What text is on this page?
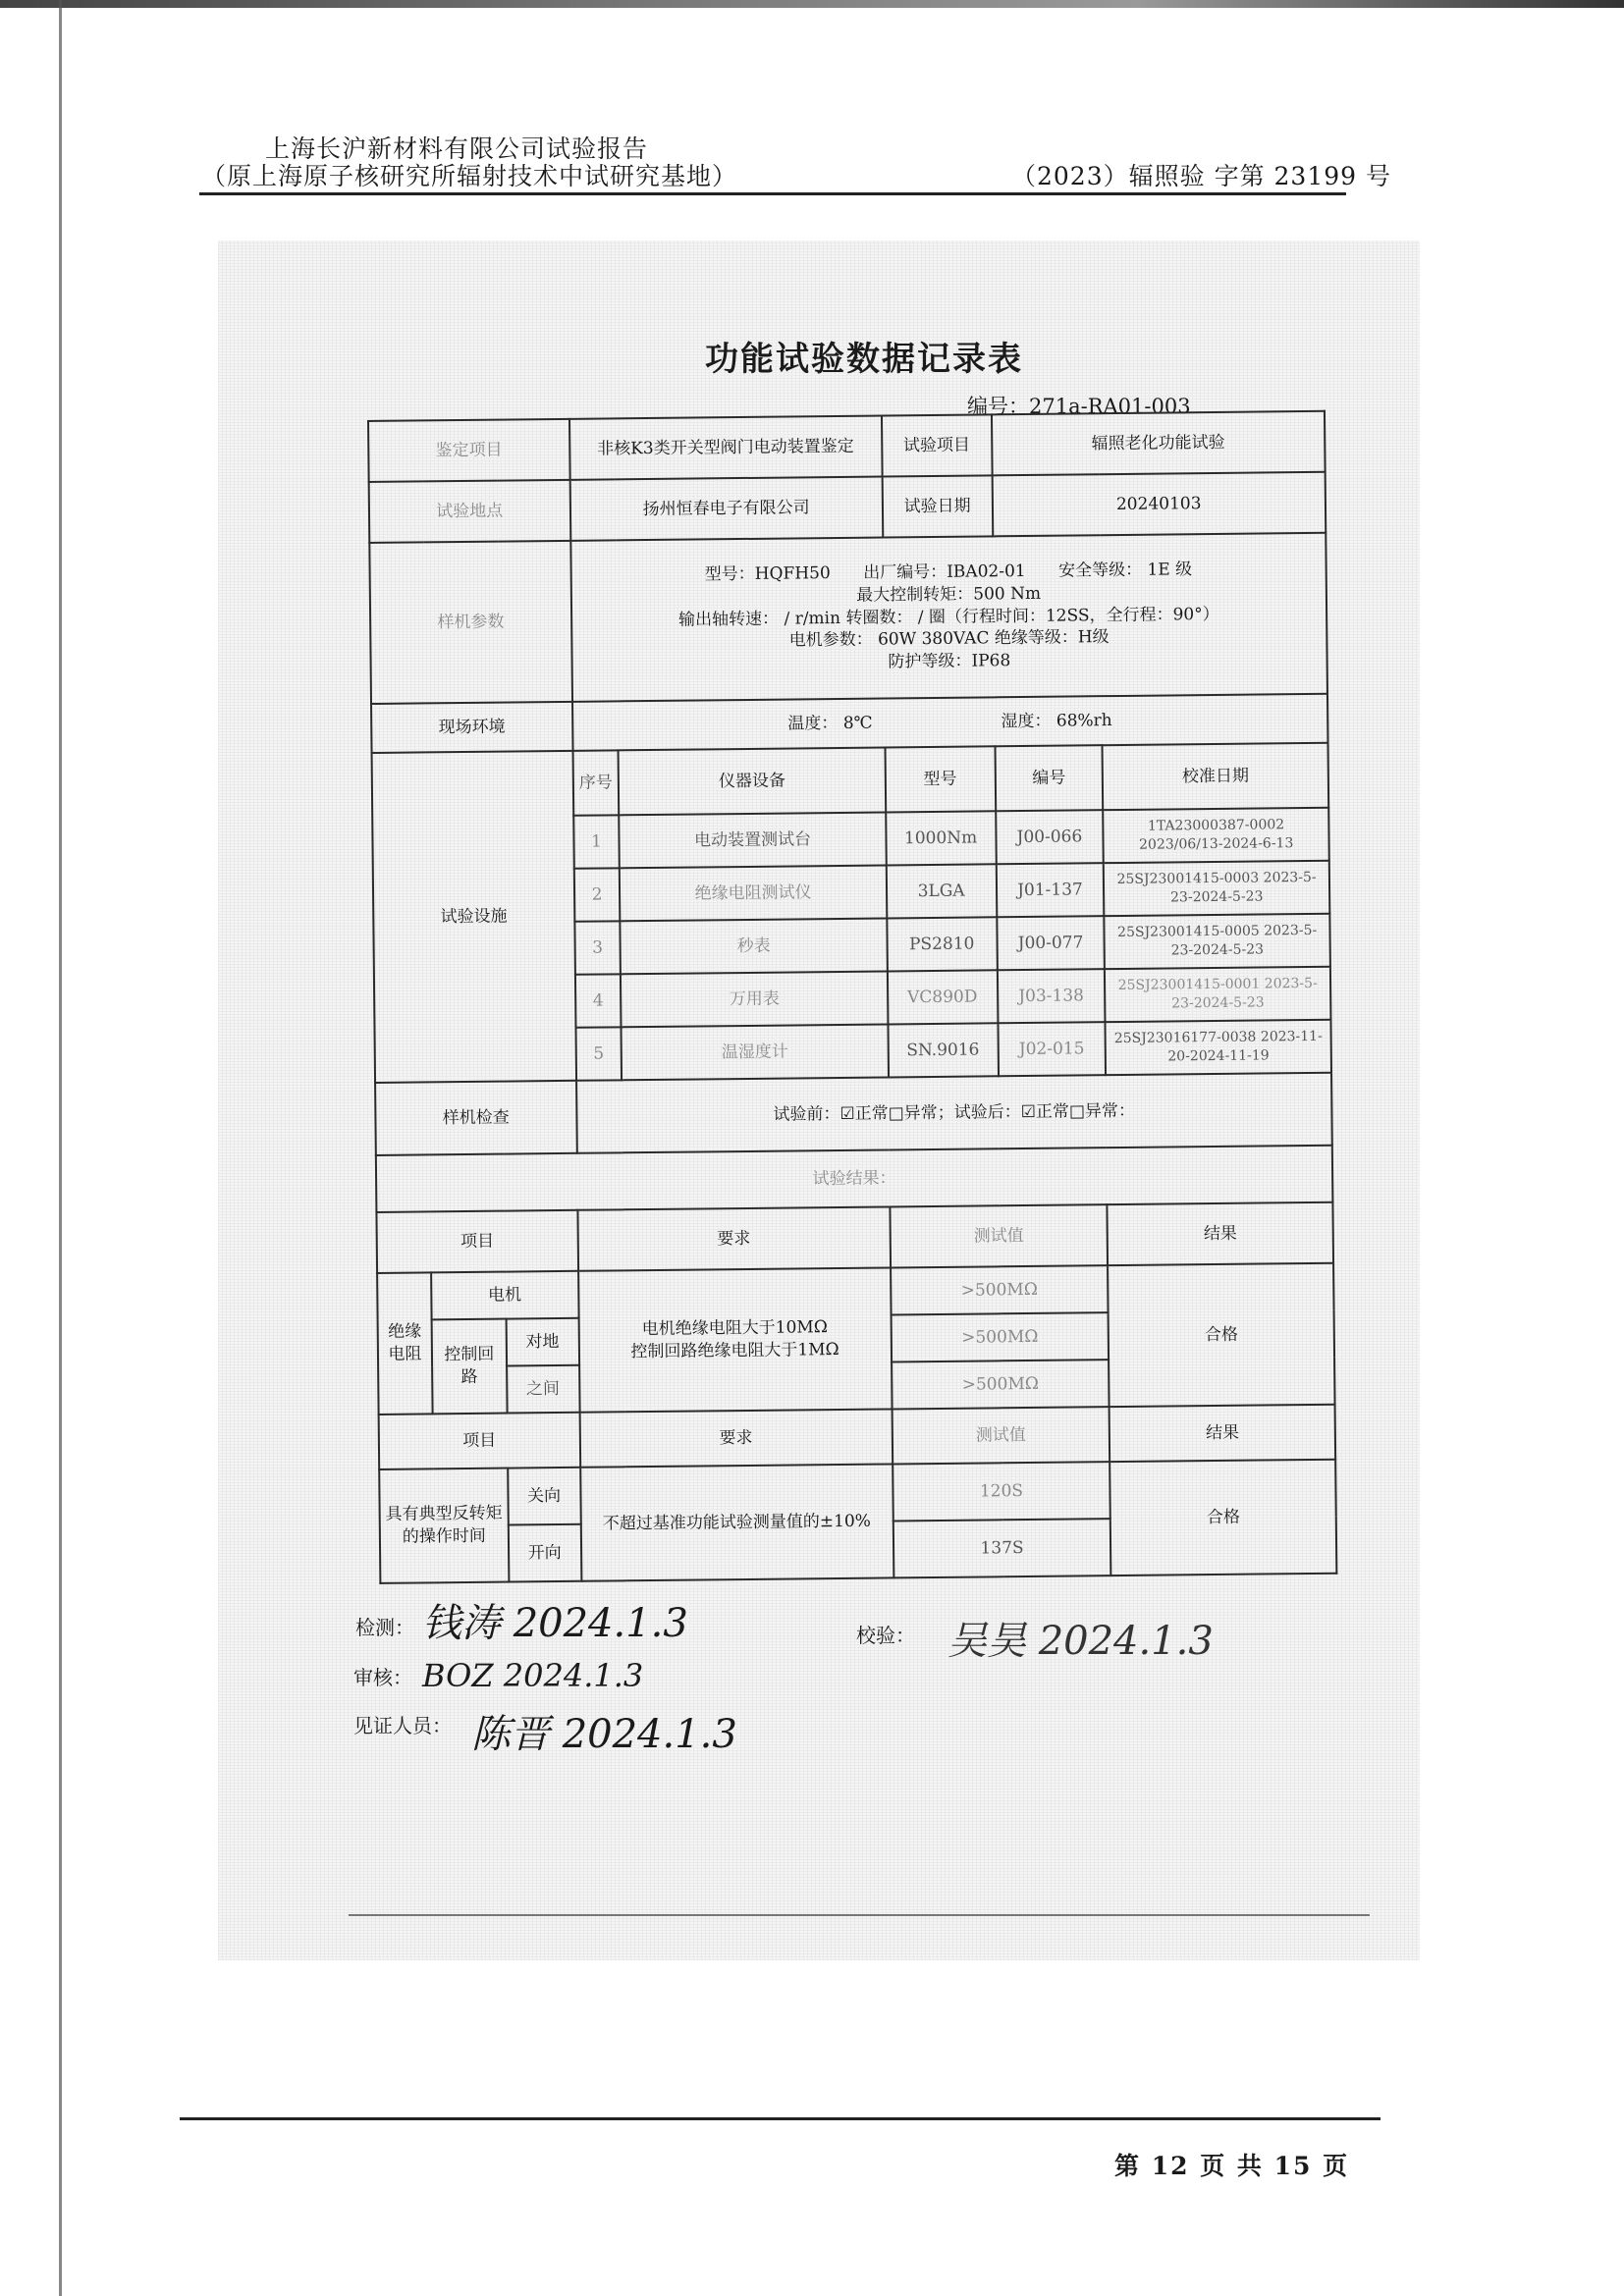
上海长沪新材料有限公司试验报告
（原上海原子核研究所辐射技术中试研究基地）	（2023）辐照验 字第 23199 号
功能试验数据记录表
编号：271a-RA01-003
鉴定项目			非核K3类开关型阀门电动装置鉴定		试验项目	辐照老化功能试验	
试验地点			扬州恒春电子有限公司		试验日期	20240103	
样机参数			型号：HQFH50 出厂编号：IBA02-01 安全等级： 1E 级
最大控制转矩：500 Nm
输出轴转速： / r/min 转圈数： / 圈（行程时间：12SS，全行程：90°）
电机参数： 60W 380VAC 绝缘等级：H级
防护等级：IP68				

现场环境			温度： 8℃ 湿度： 68%rh				
试验设施			序号	仪器设备	型号	编号	校准日期
			1	电动装置测试台	1000Nm	J00-066	1TA23000387-0002 2023/06/13-2024-6-13
			2	绝缘电阻测试仪	3LGA	J01-137	25SJ23001415-0003 2023-5-23-2024-5-23
			3	秒表	PS2810	J00-077	25SJ23001415-0005 2023-5-23-2024-5-23
			4	万用表	VC890D	J03-138	25SJ23001415-0001 2023-5-23-2024-5-23
			5	温湿度计	SN.9016	J02-015	25SJ23016177-0038 2023-11-20-2024-11-19
样机检查			试验前：☑正常□异常；试验后：☑正常□异常：				
试验结果：							
项目			要求		测试值		结果
绝缘电阻	电机		电机绝缘电阻大于10MΩ
控制回路绝缘电阻大于1MΩ		>500MΩ		合格
	控制回路	对地			>500MΩ		
		之间			>500MΩ		
项目			要求		测试值		结果
具有典型反转矩的操作时间		关向	不超过基准功能试验测量值的±10%		120S		合格
		开向			137S		
检测： 钱涛 2024.1.3	校验： 吴昊 2024.1.3
审核： BOZ 2024.1.3
见证人员： 陈晋 2024.1.3
第 12 页 共 15 页
